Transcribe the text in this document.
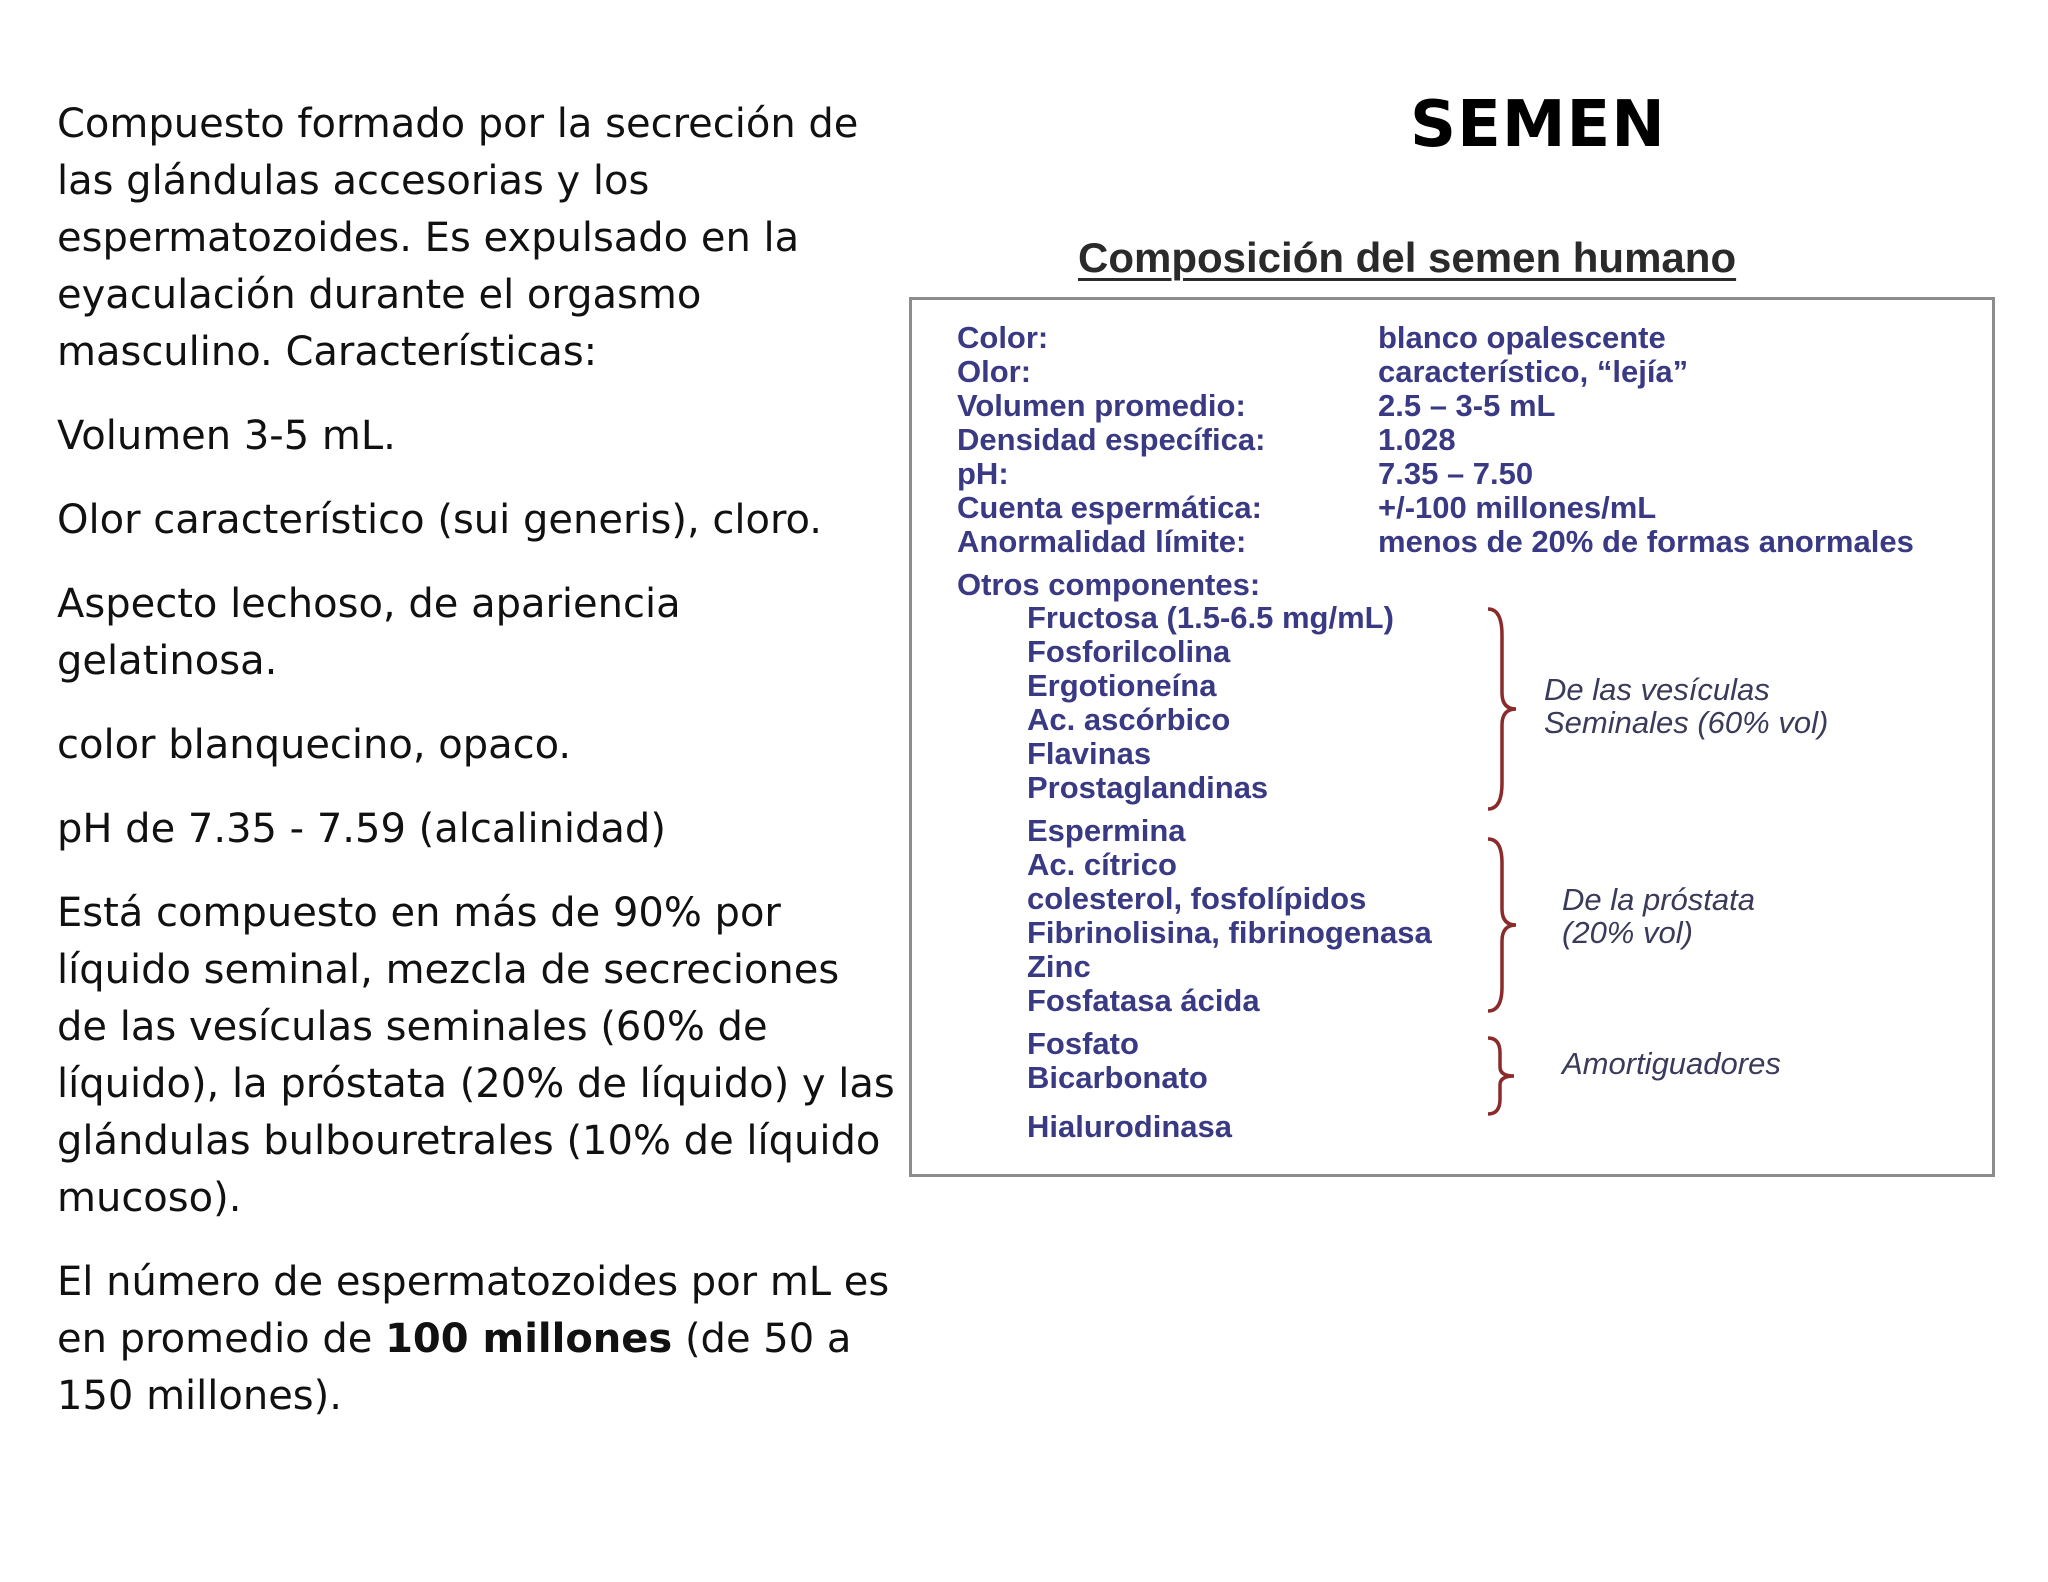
SEMEN

Compuesto formado por la secreción de las glándulas accesorias y los espermatozoides. Es expulsado en la eyaculación durante el orgasmo masculino. Características:

Volumen 3-5 mL.

Olor característico (sui generis), cloro.

Aspecto lechoso, de apariencia gelatinosa.

color blanquecino, opaco.

pH de 7.35 - 7.59 (alcalinidad)

Está compuesto en más de 90% por líquido seminal, mezcla de secreciones de las vesículas seminales (60% de líquido), la próstata (20% de líquido) y las glándulas bulbouretrales (10% de líquido mucoso).

El número de espermatozoides por mL es en promedio de 100 millones (de 50 a 150 millones).

Composición del semen humano
Color:	blanco opalescente
Olor:	característico, “lejía”
Volumen promedio:	2.5 – 3-5 mL
Densidad específica:	1.028
pH:	7.35 – 7.50
Cuenta espermática:	+/-100 millones/mL
Anormalidad límite:	menos de 20% de formas anormales
Otros componentes:
Fructosa (1.5-6.5 mg/mL)
Fosforilcolina
Ergotioneína
Ac. ascórbico
Flavinas
Prostaglandinas
De las vesículas
Seminales (60% vol)
Espermina
Ac. cítrico
colesterol, fosfolípidos
Fibrinolisina, fibrinogenasa
Zinc
Fosfatasa ácida
De la próstata
(20% vol)
Fosfato
Bicarbonato	Amortiguadores
Hialurodinasa
